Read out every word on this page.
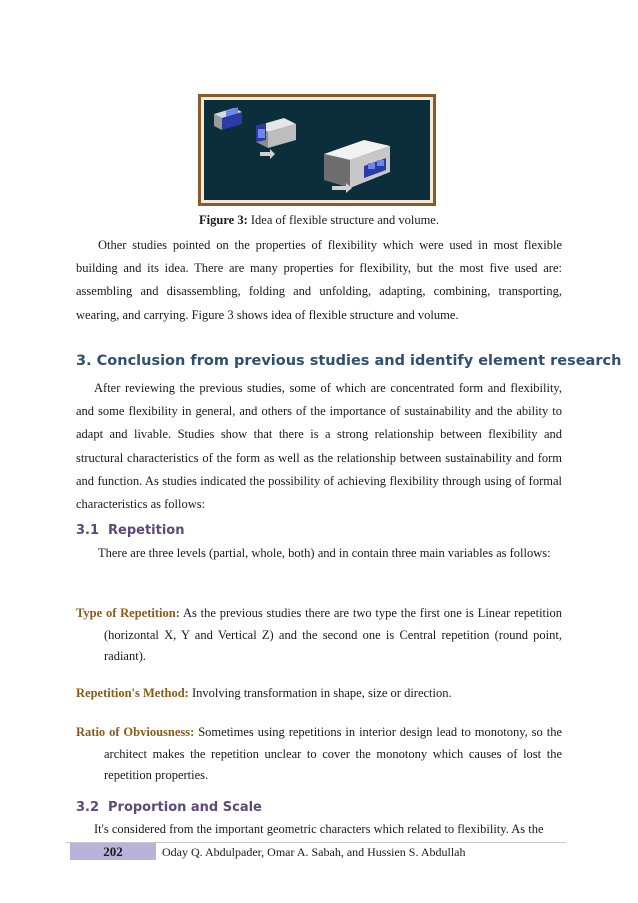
Figure 3: Idea of flexible structure and volume.

Other studies pointed on the properties of flexibility which were used in most flexible building and its idea. There are many properties for flexibility, but the most five used are: assembling and disassembling, folding and unfolding, adapting, combining, transporting, wearing, and carrying. Figure 3 shows idea of flexible structure and volume.

3. Conclusion from previous studies and identify element research

After reviewing the previous studies, some of which are concentrated form and flexibility, and some flexibility in general, and others of the importance of sustainability and the ability to adapt and livable. Studies show that there is a strong relationship between flexibility and structural characteristics of the form as well as the relationship between sustainability and form and function. As studies indicated the possibility of achieving flexibility through using of formal characteristics as follows:

3.1 Repetition

There are three levels (partial, whole, both) and in contain three main variables as follows:

Type of Repetition: As the previous studies there are two type the first one is Linear repetition (horizontal X, Y and Vertical Z) and the second one is Central repetition (round point, radiant).
Repetition's Method: Involving transformation in shape, size or direction.
Ratio of Obviousness: Sometimes using repetitions in interior design lead to monotony, so the architect makes the repetition unclear to cover the monotony which causes of lost the repetition properties.
3.2 Proportion and Scale

It's considered from the important geometric characters which related to flexibility. As the

202	Oday Q. Abdulpader, Omar A. Sabah, and Hussien S. Abdullah
